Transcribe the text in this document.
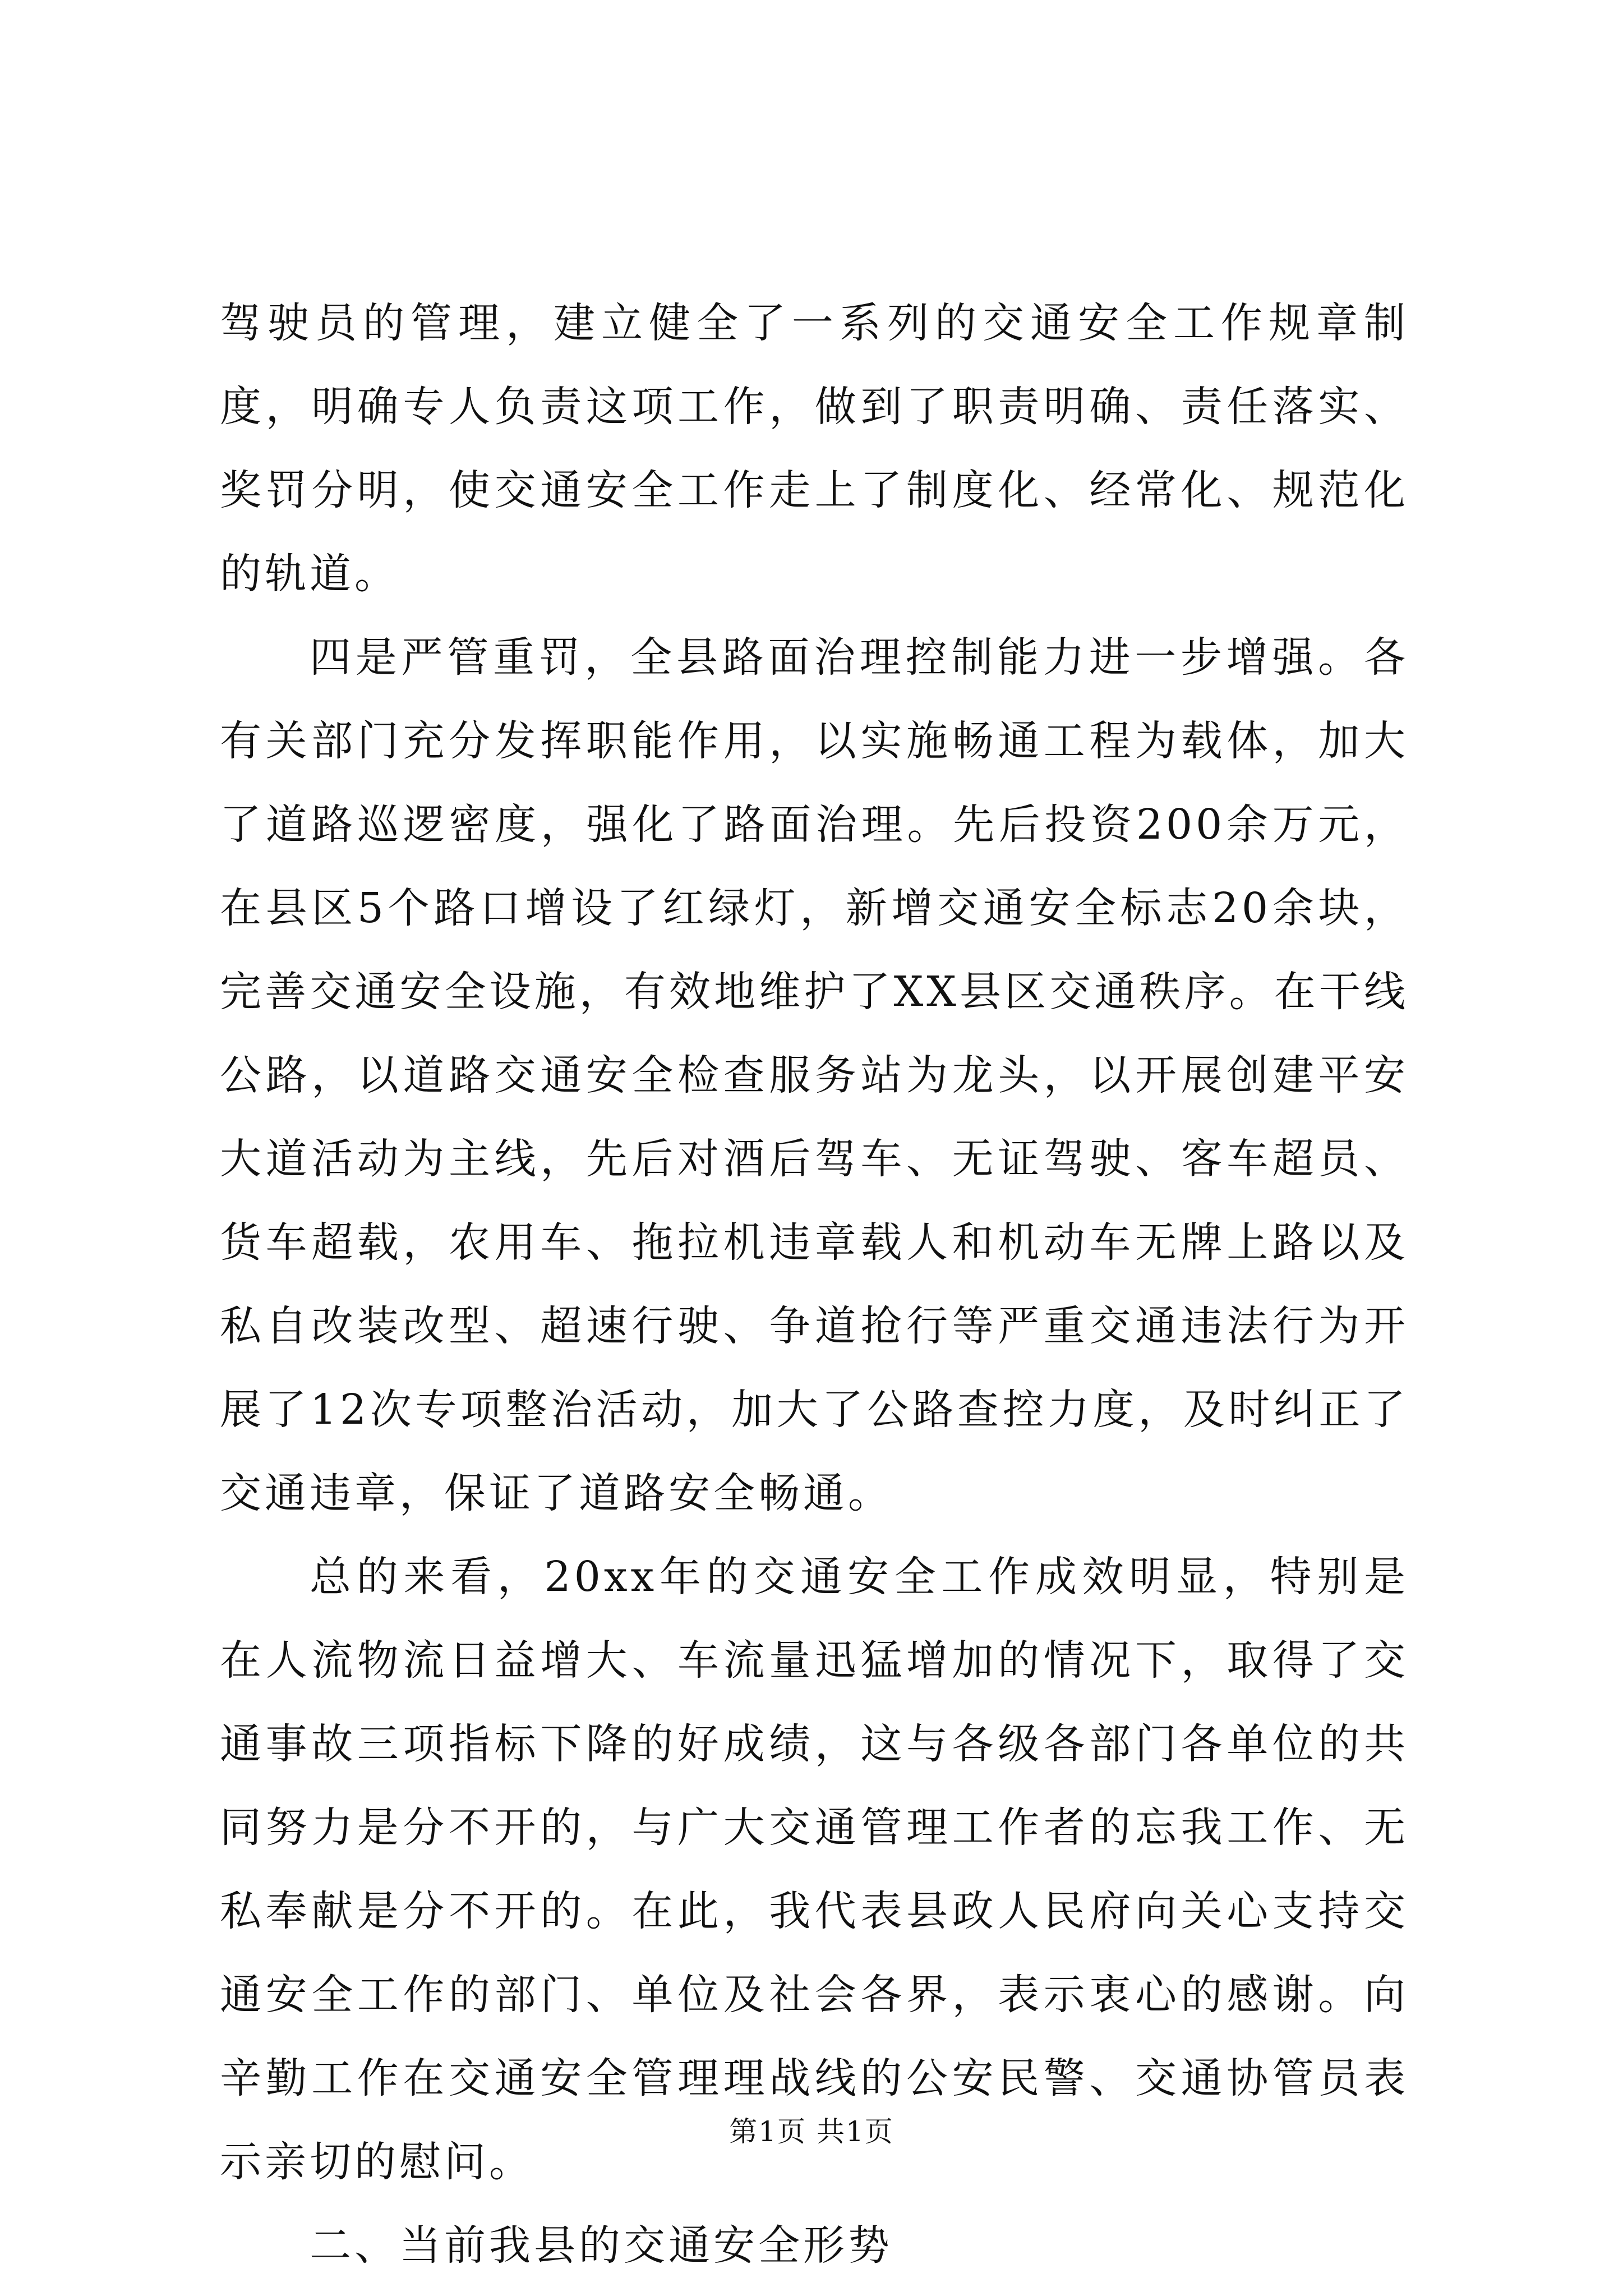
驾驶员的管理，建立健全了一系列的交通安全工作规章制度，明确专人负责这项工作，做到了职责明确、责任落实、奖罚分明，使交通安全工作走上了制度化、经常化、规范化的轨道。

四是严管重罚，全县路面治理控制能力进一步增强。各有关部门充分发挥职能作用，以实施畅通工程为载体，加大了道路巡逻密度，强化了路面治理。先后投资200余万元，在县区5个路口增设了红绿灯，新增交通安全标志20余块，完善交通安全设施，有效地维护了XX县区交通秩序。在干线公路，以道路交通安全检查服务站为龙头，以开展创建平安大道活动为主线，先后对酒后驾车、无证驾驶、客车超员、货车超载，农用车、拖拉机违章载人和机动车无牌上路以及私自改装改型、超速行驶、争道抢行等严重交通违法行为开展了12次专项整治活动，加大了公路查控力度，及时纠正了交通违章，保证了道路安全畅通。

总的来看，20xx年的交通安全工作成效明显，特别是在人流物流日益增大、车流量迅猛增加的情况下，取得了交通事故三项指标下降的好成绩，这与各级各部门各单位的共同努力是分不开的，与广大交通管理工作者的忘我工作、无私奉献是分不开的。在此，我代表县政人民府向关心支持交通安全工作的部门、单位及社会各界，表示衷心的感谢。向辛勤工作在交通安全管理理战线的公安民警、交通协管员表示亲切的慰问。

二、当前我县的交通安全形势

第1页 共1页
